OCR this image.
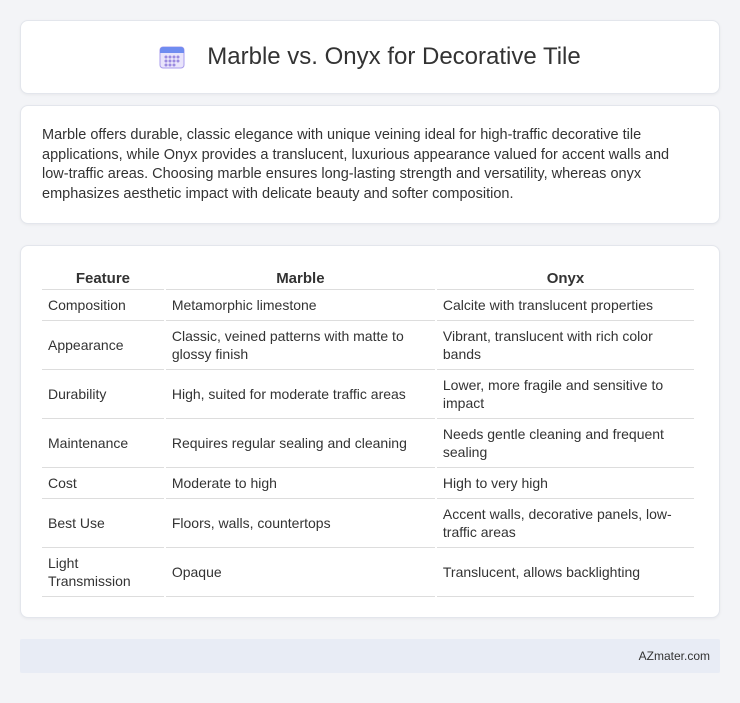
Marble vs. Onyx for Decorative Tile

Marble offers durable, classic elegance with unique veining ideal for high-traffic decorative tile applications, while Onyx provides a translucent, luxurious appearance valued for accent walls and low-traffic areas. Choosing marble ensures long-lasting strength and versatility, whereas onyx emphasizes aesthetic impact with delicate beauty and softer composition.

Feature	Marble	Onyx
Composition	Metamorphic limestone	Calcite with translucent properties
Appearance	Classic, veined patterns with matte to glossy finish	Vibrant, translucent with rich color bands
Durability	High, suited for moderate traffic areas	Lower, more fragile and sensitive to impact
Maintenance	Requires regular sealing and cleaning	Needs gentle cleaning and frequent sealing
Cost	Moderate to high	High to very high
Best Use	Floors, walls, countertops	Accent walls, decorative panels, low-traffic areas
Light Transmission	Opaque	Translucent, allows backlighting
AZmater.com
